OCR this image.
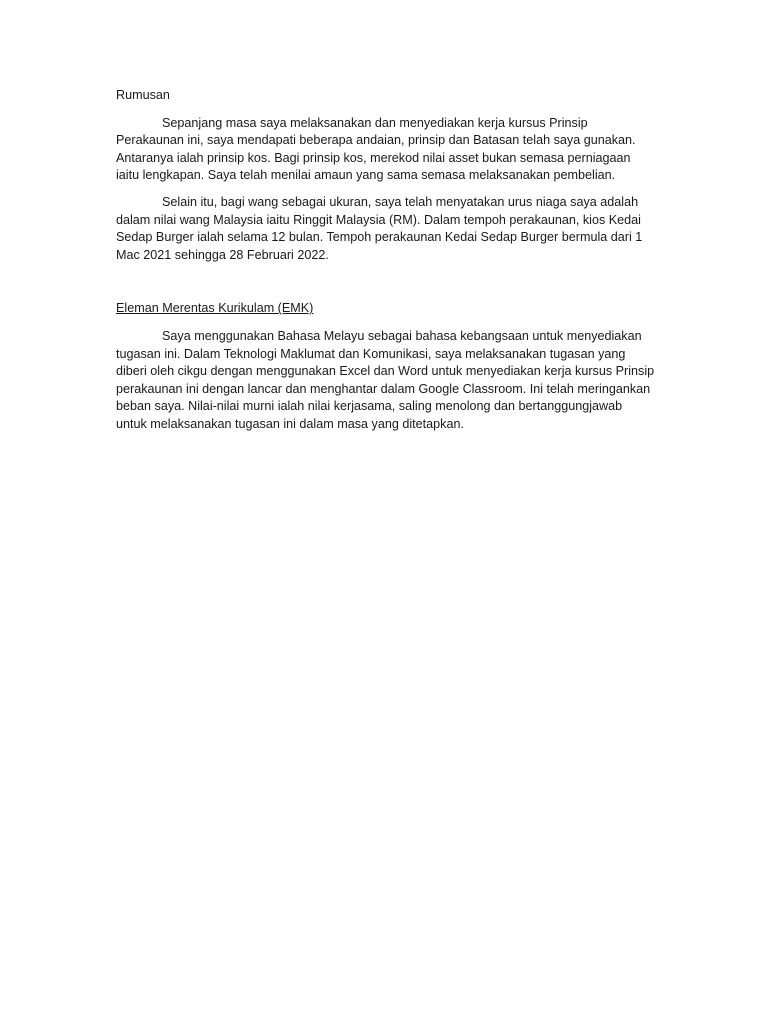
Rumusan

Sepanjang masa saya melaksanakan dan menyediakan kerja kursus Prinsip Perakaunan ini, saya mendapati beberapa andaian, prinsip dan Batasan telah saya gunakan. Antaranya ialah prinsip kos. Bagi prinsip kos, merekod nilai asset bukan semasa perniagaan iaitu lengkapan. Saya telah menilai amaun yang sama semasa melaksanakan pembelian.

Selain itu, bagi wang sebagai ukuran, saya telah menyatakan urus niaga saya adalah dalam nilai wang Malaysia iaitu Ringgit Malaysia (RM). Dalam tempoh perakaunan, kios Kedai Sedap Burger ialah selama 12 bulan. Tempoh perakaunan Kedai Sedap Burger bermula dari 1 Mac 2021 sehingga 28 Februari 2022.

Eleman Merentas Kurikulam (EMK)

Saya menggunakan Bahasa Melayu sebagai bahasa kebangsaan untuk menyediakan tugasan ini. Dalam Teknologi Maklumat dan Komunikasi, saya melaksanakan tugasan yang diberi oleh cikgu dengan menggunakan Excel dan Word untuk menyediakan kerja kursus Prinsip perakaunan ini dengan lancar dan menghantar dalam Google Classroom. Ini telah meringankan beban saya. Nilai-nilai murni ialah nilai kerjasama, saling menolong dan bertanggungjawab untuk melaksanakan tugasan ini dalam masa yang ditetapkan.
